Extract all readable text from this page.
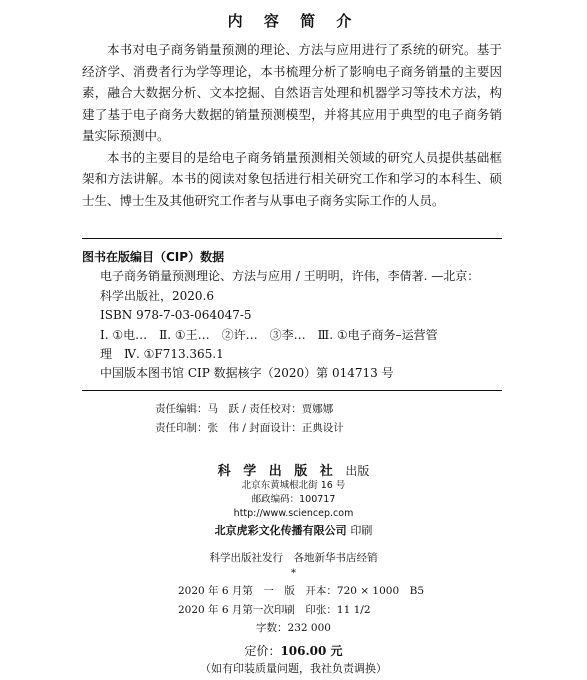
内 容 简 介

本书对电子商务销量预测的理论、方法与应用进行了系统的研究。基于经济学、消费者行为学等理论，本书梳理分析了影响电子商务销量的主要因素，融合大数据分析、文本挖掘、自然语言处理和机器学习等技术方法，构建了基于电子商务大数据的销量预测模型，并将其应用于典型的电子商务销量实际预测中。

本书的主要目的是给电子商务销量预测相关领域的研究人员提供基础框架和方法讲解。本书的阅读对象包括进行相关研究工作和学习的本科生、硕士生、博士生及其他研究工作者与从事电子商务实际工作的人员。

图书在版编目（CIP）数据
电子商务销量预测理论、方法与应用 / 王明明，许伟，李倩著. —北京：
科学出版社，2020.6
ISBN 978-7-03-064047-5
Ⅰ. ①电…　Ⅱ. ①王…　②许…　③李…　Ⅲ. ①电子商务–运营管
理　Ⅳ. ①F713.365.1
中国版本图书馆 CIP 数据核字（2020）第 014713 号
责任编辑：马　跃 / 责任校对：贾娜娜
责任印制：张　伟 / 封面设计：正典设计
科 学 出 版 社 出版
北京东黄城根北街 16 号
邮政编码：100717
http://www.sciencep.com
北京虎彩文化传播有限公司 印刷
科学出版社发行　各地新华书店经销
*
2020 年 6 月第　一　版　开本：720 × 1000　B5
2020 年 6 月第一次印刷　印张：11 1/2
字数：232 000
定价：106.00 元
（如有印装质量问题，我社负责调换）
